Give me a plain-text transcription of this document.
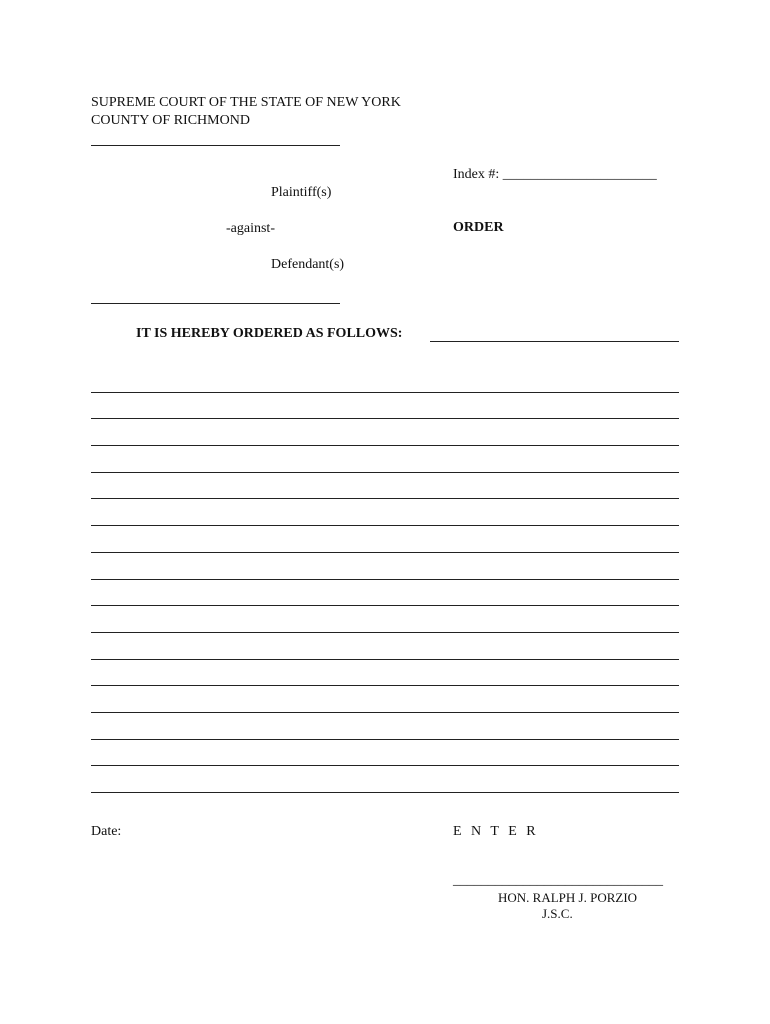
SUPREME COURT OF THE STATE OF NEW YORK
COUNTY OF RICHMOND
Index #: ______________________
Plaintiff(s)
-against-	ORDER
Defendant(s)
IT IS HEREBY ORDERED AS FOLLOWS:
Date:	E N T E R
______________________________
HON. RALPH J. PORZIO
J.S.C.
